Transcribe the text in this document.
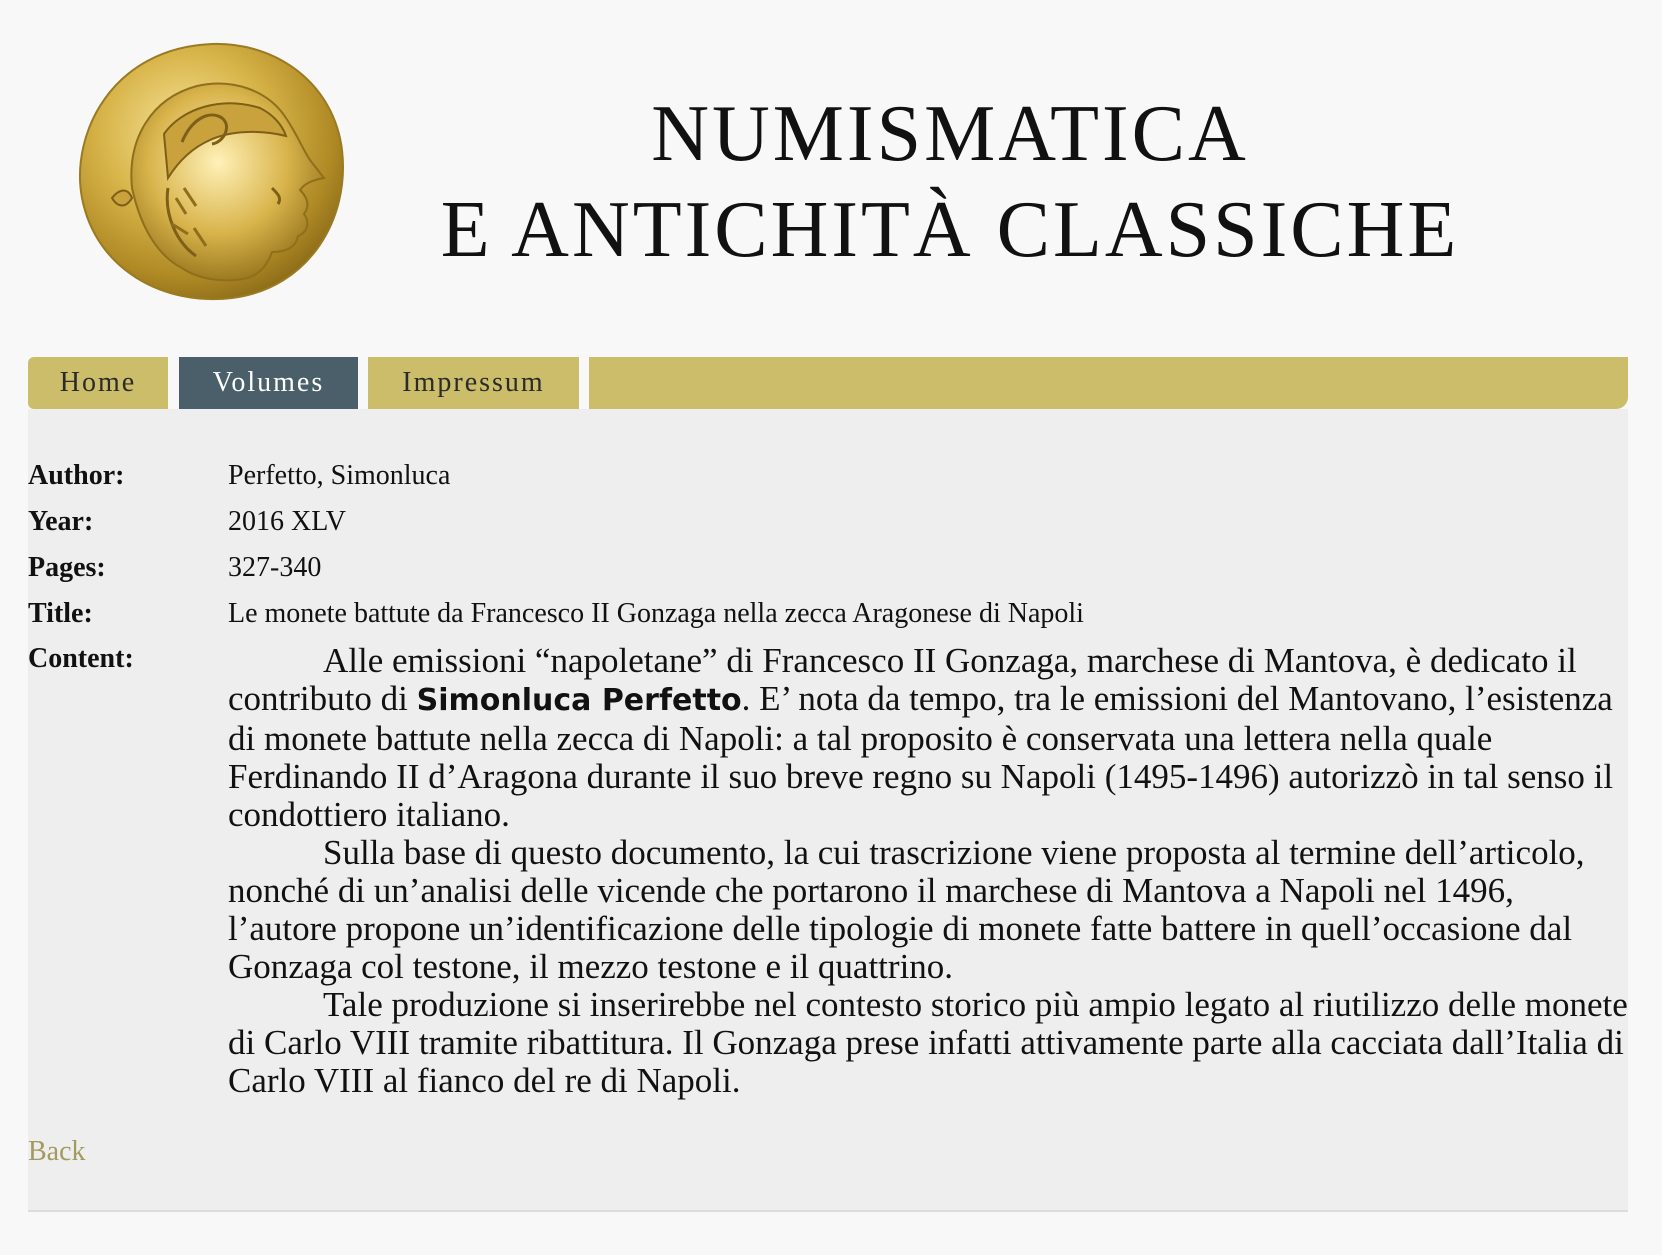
NUMISMATICA
E ANTICHITÀ CLASSICHE
Home	Volumes	Impressum
Author:	Perfetto, Simonluca
Year:	2016 XLV
Pages:	327-340
Title:	Le monete battute da Francesco II Gonzaga nella zecca Aragonese di Napoli
Content:	Alle emissioni “napoletane” di Francesco II Gonzaga, marchese di Mantova, è dedicato il contributo di Simonluca Perfetto. E’ nota da tempo, tra le emissioni del Mantovano, l’esistenza di monete battute nella zecca di Napoli: a tal proposito è conservata una lettera nella quale Ferdinando II d’Aragona durante il suo breve regno su Napoli (1495-1496) autorizzò in tal senso il condottiero italiano.

Sulla base di questo documento, la cui trascrizione viene proposta al termine dell’articolo, nonché di un’analisi delle vicende che portarono il marchese di Mantova a Napoli nel 1496, l’autore propone un’identificazione delle tipologie di monete fatte battere in quell’occasione dal Gonzaga col testone, il mezzo testone e il quattrino.

Tale produzione si inserirebbe nel contesto storico più ampio legato al riutilizzo delle monete di Carlo VIII tramite ribattitura. Il Gonzaga prese infatti attivamente parte alla cacciata dall’Italia di Carlo VIII al fianco del re di Napoli.

Back
